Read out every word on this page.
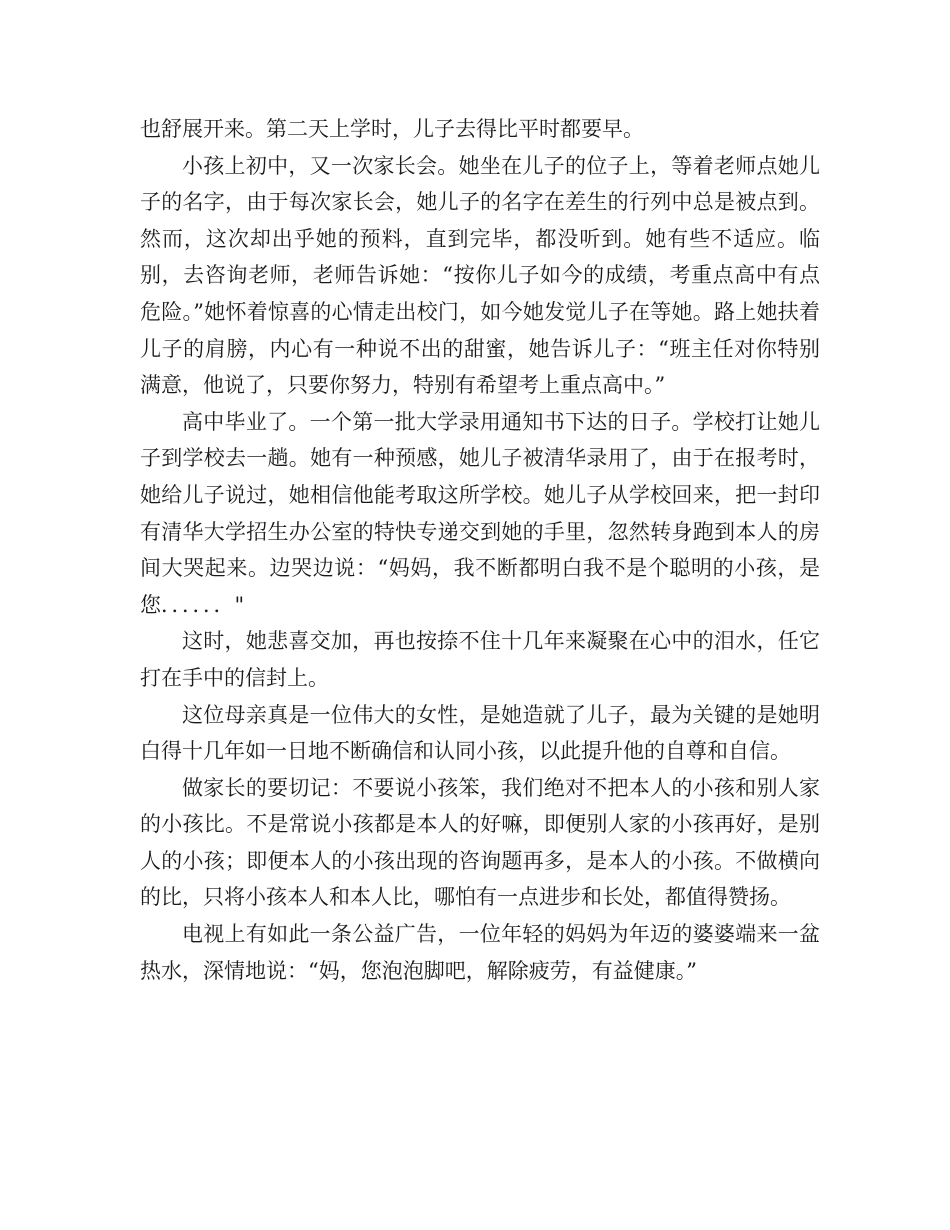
也舒展开来。第二天上学时，儿子去得比平时都要早。

小孩上初中，又一次家长会。她坐在儿子的位子上，等着老师点她儿子的名字，由于每次家长会，她儿子的名字在差生的行列中总是被点到。然而，这次却出乎她的预料，直到完毕，都没听到。她有些不适应。临别，去咨询老师，老师告诉她：“按你儿子如今的成绩，考重点高中有点危险。”她怀着惊喜的心情走出校门，如今她发觉儿子在等她。路上她扶着儿子的肩膀，内心有一种说不出的甜蜜，她告诉儿子：“班主任对你特别满意，他说了，只要你努力，特别有希望考上重点高中。”

高中毕业了。一个第一批大学录用通知书下达的日子。学校打让她儿子到学校去一趟。她有一种预感，她儿子被清华录用了，由于在报考时，她给儿子说过，她相信他能考取这所学校。她儿子从学校回来，把一封印有清华大学招生办公室的特快专递交到她的手里，忽然转身跑到本人的房间大哭起来。边哭边说：“妈妈，我不断都明白我不是个聪明的小孩，是您．．．．．．"

这时，她悲喜交加，再也按捺不住十几年来凝聚在心中的泪水，任它打在手中的信封上。

这位母亲真是一位伟大的女性，是她造就了儿子，最为关键的是她明白得十几年如一日地不断确信和认同小孩，以此提升他的自尊和自信。

做家长的要切记：不要说小孩笨，我们绝对不把本人的小孩和别人家的小孩比。不是常说小孩都是本人的好嘛，即便别人家的小孩再好，是别人的小孩；即便本人的小孩出现的咨询题再多，是本人的小孩。不做横向的比，只将小孩本人和本人比，哪怕有一点进步和长处，都值得赞扬。

电视上有如此一条公益广告，一位年轻的妈妈为年迈的婆婆端来一盆热水，深情地说：“妈，您泡泡脚吧，解除疲劳，有益健康。”
